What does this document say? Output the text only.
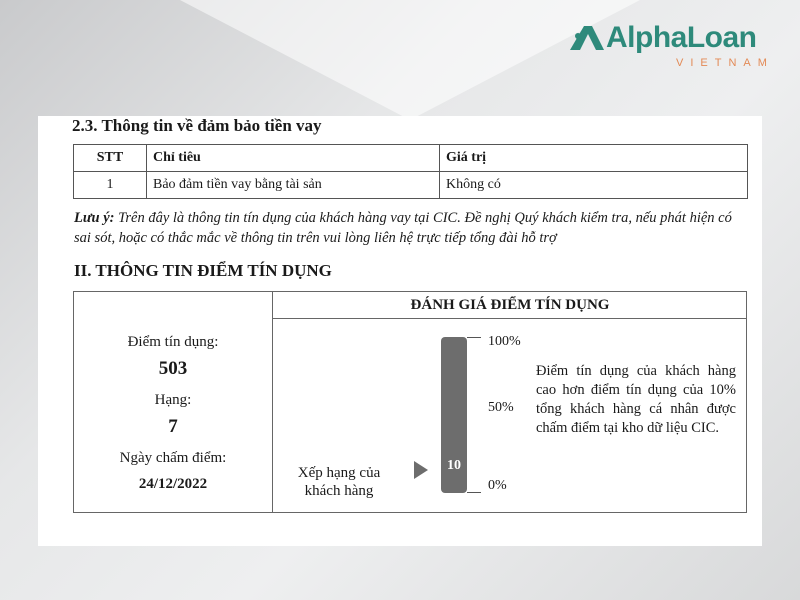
AlphaLoan
VIETNAM
2.3. Thông tin về đảm bảo tiền vay
STT	Chỉ tiêu	Giá trị
1	Bảo đảm tiền vay bằng tài sản	Không có
Lưu ý: Trên đây là thông tin tín dụng của khách hàng vay tại CIC. Đề nghị Quý khách kiểm tra, nếu phát hiện có sai sót, hoặc có thắc mắc về thông tin trên vui lòng liên hệ trực tiếp tổng đài hỗ trợ
II. THÔNG TIN ĐIỂM TÍN DỤNG
Điểm tín dụng:
503
Hạng:
7
Ngày chấm điểm:
24/12/2022
ĐÁNH GIÁ ĐIỂM TÍN DỤNG
Xếp hạng của khách hàng
10
100%
50%
0%
Điểm tín dụng của khách hàng cao hơn điểm tín dụng của 10% tổng khách hàng cá nhân được chấm điểm tại kho dữ liệu CIC.
